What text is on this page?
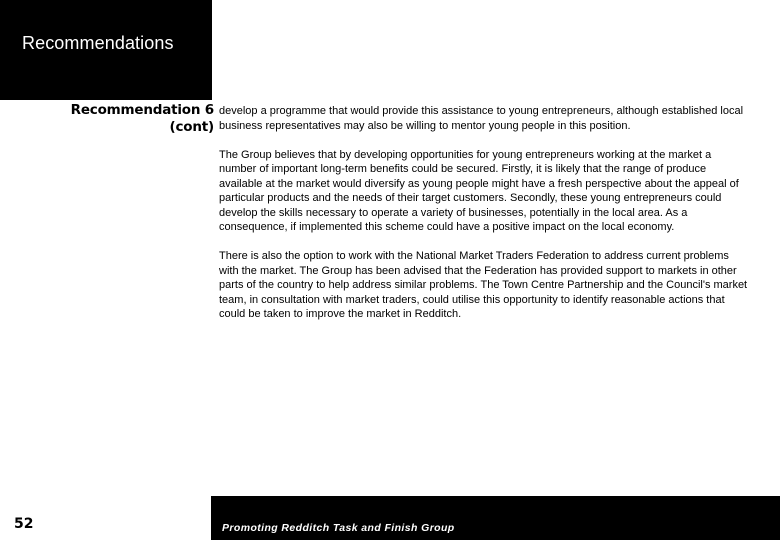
Recommendations
Recommendation 6
(cont)

develop a programme that would provide this assistance to young entrepreneurs, although established local business representatives may also be willing to mentor young people in this position.

The Group believes that by developing opportunities for young entrepreneurs working at the market a number of important long-term benefits could be secured. Firstly, it is likely that the range of produce available at the market would diversify as young people might have a fresh perspective about the appeal of particular products and the needs of their target customers. Secondly, these young entrepreneurs could develop the skills necessary to operate a variety of businesses, potentially in the local area. As a consequence, if implemented this scheme could have a positive impact on the local economy.

There is also the option to work with the National Market Traders Federation to address current problems with the market. The Group has been advised that the Federation has provided support to markets in other parts of the country to help address similar problems. The Town Centre Partnership and the Council's market team, in consultation with market traders, could utilise this opportunity to identify reasonable actions that could be taken to improve the market in Redditch.

52	Promoting Redditch Task and Finish Group
